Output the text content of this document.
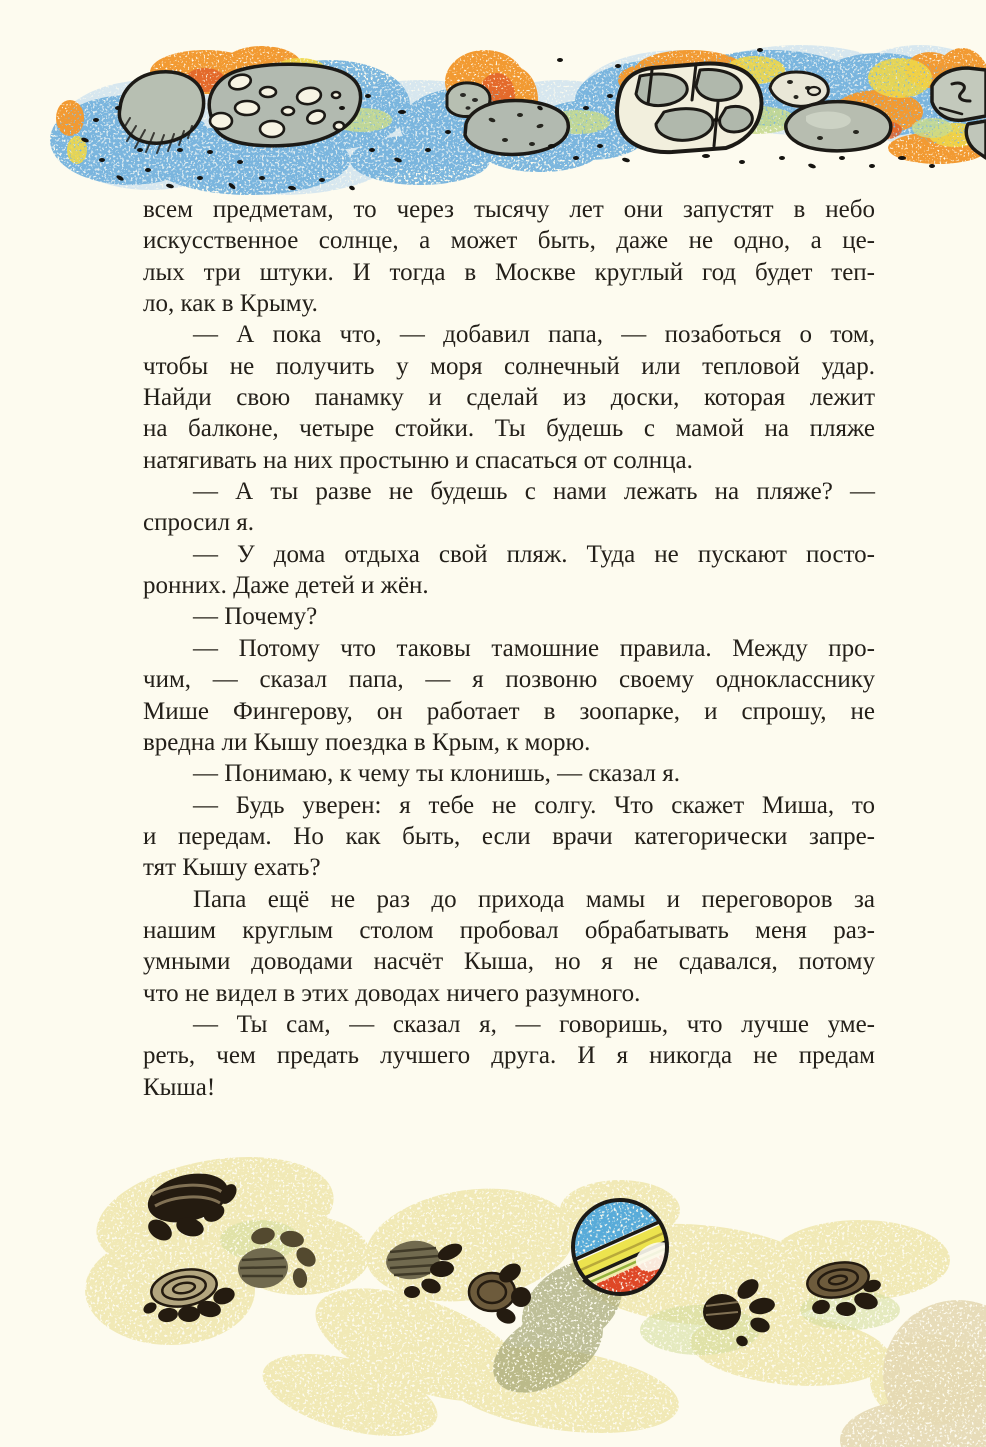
всем предметам, то через тысячу лет они запустят в небо
искусственное солнце, а может быть, даже не одно, а це-
лых три штуки. И тогда в Москве круглый год будет теп-
ло, как в Крыму.
— А пока что, — добавил папа, — позаботься о том,
чтобы не получить у моря солнечный или тепловой удар.
Найди свою панамку и сделай из доски, которая лежит
на балконе, четыре стойки. Ты будешь с мамой на пляже
натягивать на них простыню и спасаться от солнца.
— А ты разве не будешь с нами лежать на пляже? —
спросил я.
— У дома отдыха свой пляж. Туда не пускают посто-
ронних. Даже детей и жён.
— Почему?
— Потому что таковы тамошние правила. Между про-
чим, — сказал папа, — я позвоню своему однокласснику
Мише Фингерову, он работает в зоопарке, и спрошу, не
вредна ли Кышу поездка в Крым, к морю.
— Понимаю, к чему ты клонишь, — сказал я.
— Будь уверен: я тебе не солгу. Что скажет Миша, то
и передам. Но как быть, если врачи категорически запре-
тят Кышу ехать?
Папа ещё не раз до прихода мамы и переговоров за
нашим круглым столом пробовал обрабатывать меня раз-
умными доводами насчёт Кыша, но я не сдавался, потому
что не видел в этих доводах ничего разумного.
— Ты сам, — сказал я, — говоришь, что лучше уме-
реть, чем предать лучшего друга. И я никогда не предам
Кыша!
